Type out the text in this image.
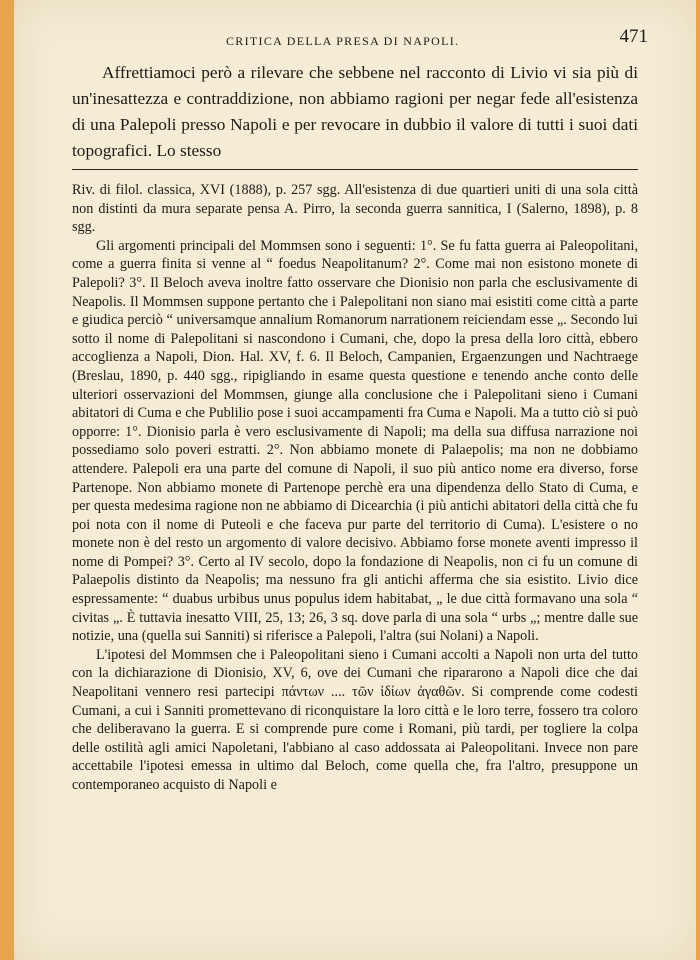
CRITICA DELLA PRESA DI NAPOLI.	471

Affrettiamoci però a rilevare che sebbene nel racconto di Livio vi sia più di un'inesattezza e contraddizione, non abbiamo ragioni per negar fede all'esistenza di una Palepoli presso Napoli e per revocare in dubbio il valore di tutti i suoi dati topografici. Lo stesso

Riv. di filol. classica, XVI (1888), p. 257 sgg. All'esistenza di due quartieri uniti di una sola città non distinti da mura separate pensa A. Pirro, la seconda guerra sannitica, I (Salerno, 1898), p. 8 sgg.

Gli argomenti principali del Mommsen sono i seguenti: 1°. Se fu fatta guerra ai Paleopolitani, come a guerra finita si venne al “ foedus Neapolitanum? 2°. Come mai non esistono monete di Palepoli? 3°. Il Beloch aveva inoltre fatto osservare che Dionisio non parla che esclusivamente di Neapolis. Il Mommsen suppone pertanto che i Palepolitani non siano mai esistiti come città a parte e giudica perciò “ universamque annalium Romanorum narrationem reiciendam esse „. Secondo lui sotto il nome di Palepolitani si nascondono i Cumani, che, dopo la presa della loro città, ebbero accoglienza a Napoli, Dion. Hal. XV, f. 6. Il Beloch, Campanien, Ergaenzungen und Nachtraege (Breslau, 1890, p. 440 sgg., ripigliando in esame questa questione e tenendo anche conto delle ulteriori osservazioni del Mommsen, giunge alla conclusione che i Palepolitani sieno i Cumani abitatori di Cuma e che Publilio pose i suoi accampamenti fra Cuma e Napoli. Ma a tutto ciò si può opporre: 1°. Dionisio parla è vero esclusivamente di Napoli; ma della sua diffusa narrazione noi possediamo solo poveri estratti. 2°. Non abbiamo monete di Palaepolis; ma non ne dobbiamo attendere. Palepoli era una parte del comune di Napoli, il suo più antico nome era diverso, forse Partenope. Non abbiamo monete di Partenope perchè era una dipendenza dello Stato di Cuma, e per questa medesima ragione non ne abbiamo di Dicearchia (i più antichi abitatori della città che fu poi nota con il nome di Puteoli e che faceva pur parte del territorio di Cuma). L'esistere o no monete non è del resto un argomento di valore decisivo. Abbiamo forse monete aventi impresso il nome di Pompei? 3°. Certo al IV secolo, dopo la fondazione di Neapolis, non ci fu un comune di Palaepolis distinto da Neapolis; ma nessuno fra gli antichi afferma che sia esistito. Livio dice espressamente: “ duabus urbibus unus populus idem habitabat, „ le due città formavano una sola “ civitas „. È tuttavia inesatto VIII, 25, 13; 26, 3 sq. dove parla di una sola “ urbs „; mentre dalle sue notizie, una (quella sui Sanniti) si riferisce a Palepoli, l'altra (sui Nolani) a Napoli.

L'ipotesi del Mommsen che i Paleopolitani sieno i Cumani accolti a Napoli non urta del tutto con la dichiarazione di Dionisio, XV, 6, ove dei Cumani che ripararono a Napoli dice che dai Neapolitani vennero resi partecipi πάντων .... τῶν ἰδίων ἀγαθῶν. Si comprende come codesti Cumani, a cui i Sanniti promettevano di riconquistare la loro città e le loro terre, fossero tra coloro che deliberavano la guerra. E si comprende pure come i Romani, più tardi, per togliere la colpa delle ostilità agli amici Napoletani, l'abbiano al caso addossata ai Paleopolitani. Invece non pare accettabile l'ipotesi emessa in ultimo dal Beloch, come quella che, fra l'altro, presuppone un contemporaneo acquisto di Napoli e
